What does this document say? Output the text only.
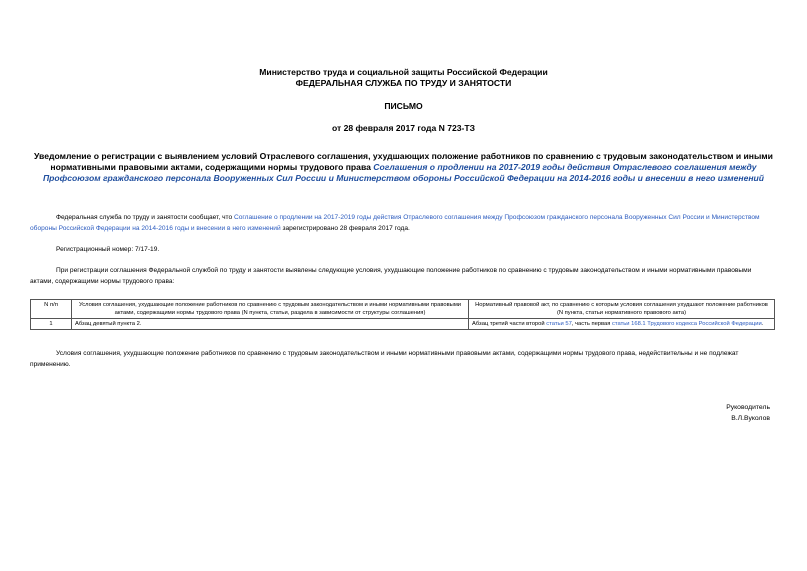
Министерство труда и социальной защиты Российской Федерации
ФЕДЕРАЛЬНАЯ СЛУЖБА ПО ТРУДУ И ЗАНЯТОСТИ
ПИСЬМО
от 28 февраля 2017 года N 723-ТЗ
Уведомление о регистрации с выявлением условий Отраслевого соглашения, ухудшающих положение работников по сравнению с трудовым законодательством и иными нормативными правовыми актами, содержащими нормы трудового права Соглашения о продлении на 2017-2019 годы действия Отраслевого соглашения между Профсоюзом гражданского персонала Вооруженных Сил России и Министерством обороны Российской Федерации на 2014-2016 годы и внесении в него изменений
Федеральная служба по труду и занятости сообщает, что Соглашение о продлении на 2017-2019 годы действия Отраслевого соглашения между Профсоюзом гражданского персонала Вооруженных Сил России и Министерством обороны Российской Федерации на 2014-2016 годы и внесении в него изменений зарегистрировано 28 февраля 2017 года.
Регистрационный номер: 7/17-19.
При регистрации соглашения Федеральной службой по труду и занятости выявлены следующие условия, ухудшающие положение работников по сравнению с трудовым законодательством и иными нормативными правовыми актами, содержащими нормы трудового права:
N п/п	Условия соглашения, ухудшающие положение работников по сравнению с трудовым законодательством и иными нормативными правовыми актами, содержащими нормы трудового права (N пункта, статьи, раздела в зависимости от структуры соглашения)	Нормативный правовой акт, по сравнению с которым условия соглашения ухудшают положение работников (N пункта, статьи нормативного правового акта)
1	Абзац девятый пункта 2.	Абзац третий части второй статьи 57, часть первая статьи 168.1 Трудового кодекса Российской Федерации.
Условия соглашения, ухудшающие положение работников по сравнению с трудовым законодательством и иными нормативными правовыми актами, содержащими нормы трудового права, недействительны и не подлежат применению.
Руководитель
В.Л.Вуколов
